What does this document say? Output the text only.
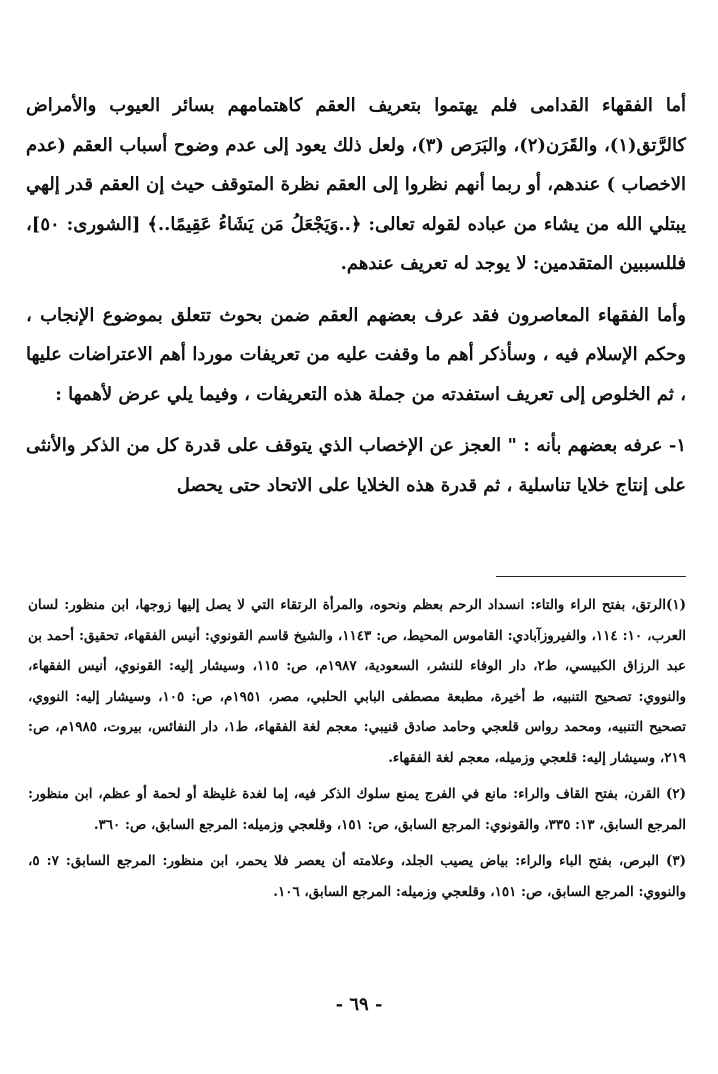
أما الفقهاء القدامى فلم يهتموا بتعريف العقم كاهتمامهم بسائر العيوب والأمراض كالرَّتق(١)، والقَرَن(٢)، والبَرَص (٣)، ولعل ذلك يعود إلى عدم وضوح أسباب العقم (عدم الاخصاب ) عندهم، أو ربما أنهم نظروا إلى العقم نظرة المتوقف حيث إن العقم قدر إلهي يبتلي الله من يشاء من عباده لقوله تعالى: ﴿..وَيَجْعَلُ مَن يَشَاءُ عَقِيمًا..﴾ [الشورى: ٥٠]، فللسببين المتقدمين: لا يوجد له تعريف عندهم.

وأما الفقهاء المعاصرون فقد عرف بعضهم العقم ضمن بحوث تتعلق بموضوع الإنجاب ، وحكم الإسلام فيه ، وسأذكر أهم ما وقفت عليه من تعريفات موردا أهم الاعتراضات عليها ، ثم الخلوص إلى تعريف استفدته من جملة هذه التعريفات ، وفيما يلي عرض لأهمها :

١- عرفه بعضهم بأنه : " العجز عن الإخصاب الذي يتوقف على قدرة كل من الذكر والأنثى على إنتاج خلايا تناسلية ، ثم قدرة هذه الخلايا على الاتحاد حتى يحصل

(١)الرتق، بفتح الراء والتاء: انسداد الرحم بعظم ونحوه، والمرأة الرتقاء التي لا يصل إليها زوجها، ابن منظور: لسان العرب، ١٠: ١١٤، والفيروزآبادي: القاموس المحيط، ص: ١١٤٣، والشيخ قاسم القونوي: أنيس الفقهاء، تحقيق: أحمد بن عبد الرزاق الكبيسي، ط٢، دار الوفاء للنشر، السعودية، ١٩٨٧م، ص: ١١٥، وسيشار إليه: القونوي، أنيس الفقهاء، والنووي: تصحيح التنبيه، ط أخيرة، مطبعة مصطفى البابي الحلبي، مصر، ١٩٥١م، ص: ١٠٥، وسيشار إليه: النووي، تصحيح التنبيه، ومحمد رواس قلعجي وحامد صادق قنيبي: معجم لغة الفقهاء، ط١، دار النفائس، بيروت، ١٩٨٥م، ص: ٢١٩، وسيشار إليه: قلعجي وزميله، معجم لغة الفقهاء.

(٢) القرن، بفتح القاف والراء: مانع في الفرج يمنع سلوك الذكر فيه، إما لغدة غليظة أو لحمة أو عظم، ابن منظور: المرجع السابق، ١٣: ٣٣٥، والقونوي: المرجع السابق، ص: ١٥١، وقلعجي وزميله: المرجع السابق، ص: ٣٦٠.

(٣) البرص، بفتح الباء والراء: بياض يصيب الجلد، وعلامته أن يعصر فلا يحمر، ابن منظور: المرجع السابق: ٧: ٥، والنووي: المرجع السابق، ص: ١٥١، وقلعجي وزميله: المرجع السابق، ١٠٦.

- ٦٩ -
